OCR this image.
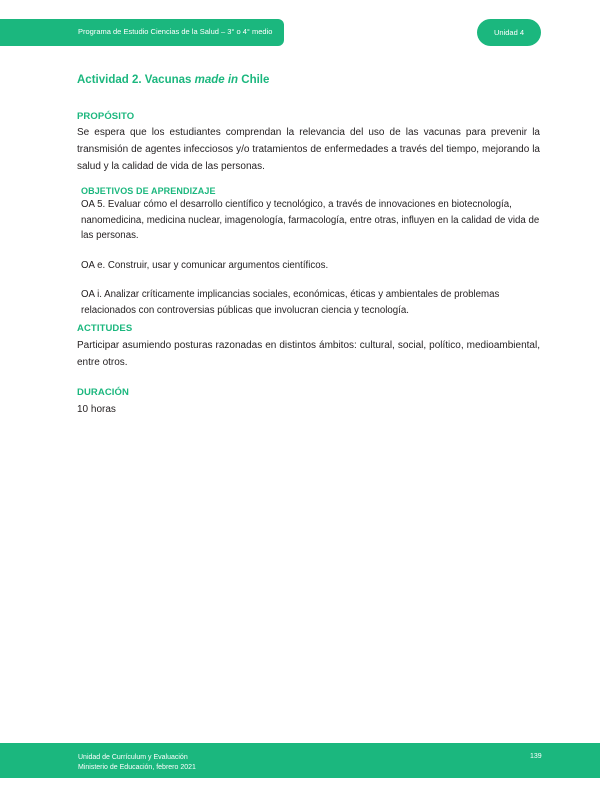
Programa de Estudio Ciencias de la Salud – 3° o 4° medio	Unidad 4
Actividad 2. Vacunas made in Chile
PROPÓSITO

Se espera que los estudiantes comprendan la relevancia del uso de las vacunas para prevenir la transmisión de agentes infecciosos y/o tratamientos de enfermedades a través del tiempo, mejorando la salud y la calidad de vida de las personas.

OBJETIVOS DE APRENDIZAJE

OA 5. Evaluar cómo el desarrollo científico y tecnológico, a través de innovaciones en biotecnología, nanomedicina, medicina nuclear, imagenología, farmacología, entre otras, influyen en la calidad de vida de las personas.

OA e. Construir, usar y comunicar argumentos científicos.

OA i. Analizar críticamente implicancias sociales, económicas, éticas y ambientales de problemas relacionados con controversias públicas que involucran ciencia y tecnología.

ACTITUDES

Participar asumiendo posturas razonadas en distintos ámbitos: cultural, social, político, medioambiental, entre otros.

DURACIÓN

10 horas

Unidad de Currículum y Evaluación
Ministerio de Educación, febrero 2021
139
